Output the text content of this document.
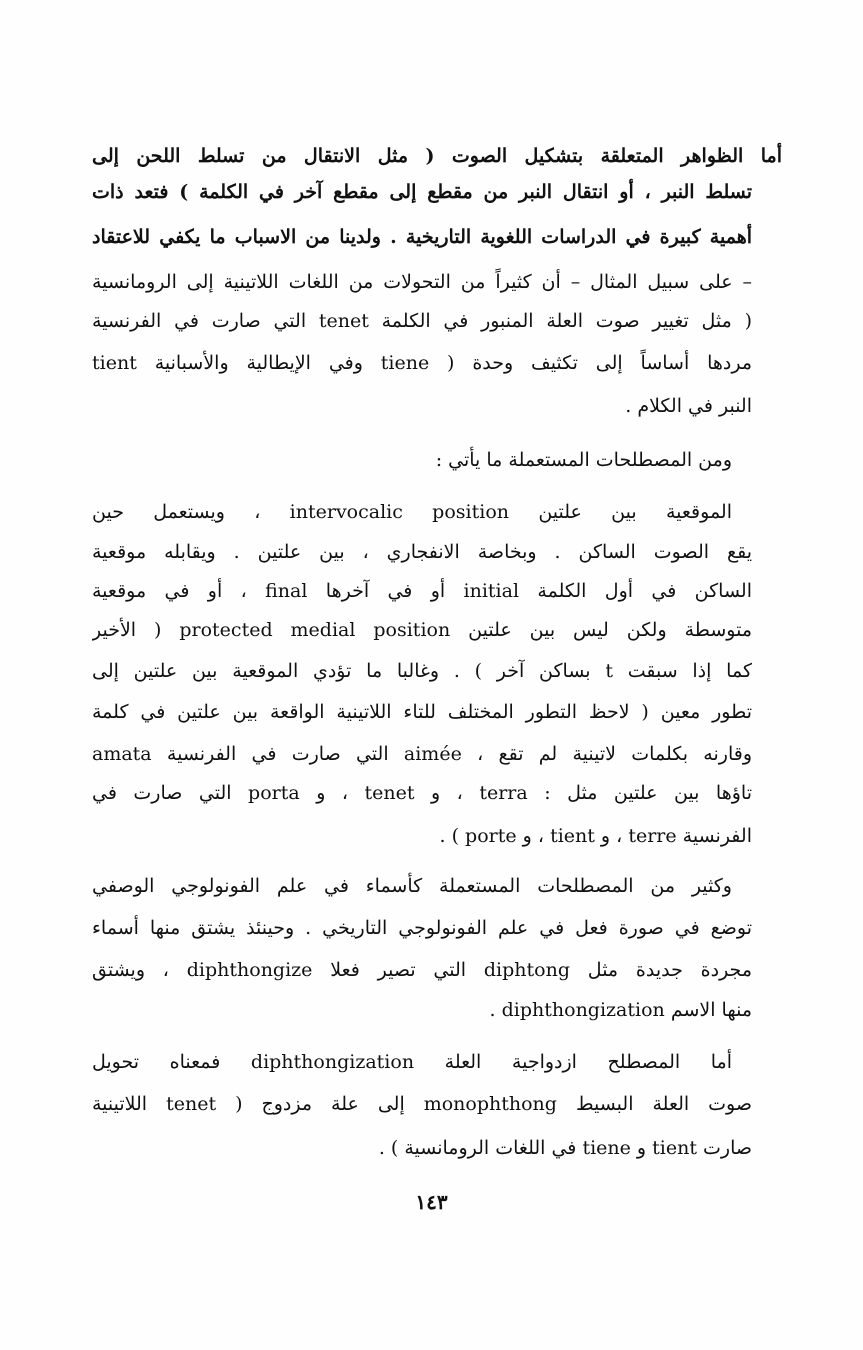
أما الظواهر المتعلقة بتشكيل الصوت ( مثل الانتقال من تسلط اللحن إلى
تسلط النبر ، أو انتقال النبر من مقطع إلى مقطع آخر في الكلمة ) فتعد ذات
أهمية كبيرة في الدراسات اللغوية التاريخية . ولدينا من الاسباب ما يكفي للاعتقاد
– على سبيل المثال – أن كثيراً من التحولات من اللغات اللاتينية إلى الرومانسية
( مثل تغيير صوت العلة المنبور في الكلمة tenet التي صارت في الفرنسية
tient وفي الإيطالية والأسبانية tiene ) مردها أساساً إلى تكثيف وحدة
النبر في الكلام .
ومن المصطلحات المستعملة ما يأتي :
الموقعية بين علتين intervocalic position ، ويستعمل حين
يقع الصوت الساكن . وبخاصة الانفجاري ، بين علتين . ويقابله موقعية
الساكن في أول الكلمة initial أو في آخرها final ، أو في موقعية
متوسطة ولكن ليس بين علتين protected medial position ( الأخير
كما إذا سبقت t بساكن آخر ) . وغالبا ما تؤدي الموقعية بين علتين إلى
تطور معين ( لاحظ التطور المختلف للتاء اللاتينية الواقعة بين علتين في كلمة
amata التي صارت في الفرنسية aimée ، وقارنه بكلمات لاتينية لم تقع
تاؤها بين علتين مثل : terra ، و tenet ، و porta التي صارت في
الفرنسية terre ، و tient ، و porte ) .
وكثير من المصطلحات المستعملة كأسماء في علم الفونولوجي الوصفي
توضع في صورة فعل في علم الفونولوجي التاريخي . وحينئذ يشتق منها أسماء
مجردة جديدة مثل diphtong التي تصير فعلا diphthongize ، ويشتق
منها الاسم diphthongization .
أما المصطلح ازدواجية العلة diphthongization فمعناه تحويل
صوت العلة البسيط monophthong إلى علة مزدوج ( tenet اللاتينية
صارت tient و tiene في اللغات الرومانسية ) .
١٤٣
